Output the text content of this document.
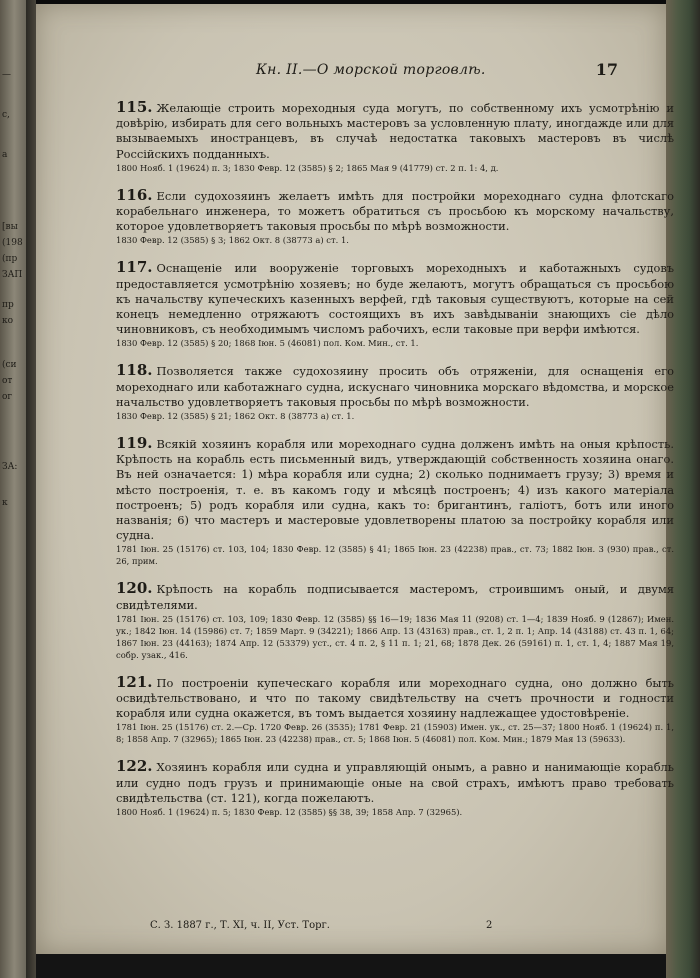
—
с,
а
[вы
(198
(пр
ЗАП
пр
ко
(си
от
ог
ЗА:
к
Кн. II.—О морской торговлѣ.	17
115. Желающіе строить мореходныя суда могутъ, по собственному ихъ усмотрѣнію и довѣрію, избирать для сего вольныхъ мастеровъ за условленную плату, иногдажде или для вызываемыхъ иностранцевъ, въ случаѣ недостатка таковыхъ мастеровъ въ числѣ Россійскихъ подданныхъ.
1800 Нояб. 1 (19624) п. 3; 1830 Февр. 12 (3585) § 2; 1865 Мая 9 (41779) ст. 2 п. 1: 4, д.
116. Если судохозяинъ желаетъ имѣть для постройки мореходнаго судна флотскаго корабельнаго инженера, то можетъ обратиться съ просьбою къ морскому начальству, которое удовлетворяетъ таковыя просьбы по мѣрѣ возможности.
1830 Февр. 12 (3585) § 3; 1862 Окт. 8 (38773 а) ст. 1.
117. Оснащеніе или вооруженіе торговыхъ мореходныхъ и каботажныхъ судовъ предоставляется усмотрѣнію хозяевъ; но буде желаютъ, могутъ обращаться съ просьбою къ начальству купеческихъ казенныхъ верфей, гдѣ таковыя существуютъ, которые на сей конецъ немедленно отряжаютъ состоящихъ въ ихъ завѣдываніи знающихъ сіе дѣло чиновниковъ, съ необходимымъ числомъ рабочихъ, если таковые при верфи имѣются.
1830 Февр. 12 (3585) § 20; 1868 Іюн. 5 (46081) пол. Ком. Мин., ст. 1.
118. Позволяется также судохозяину просить объ отряженіи, для оснащенія его мореходнаго или каботажнаго судна, искуснаго чиновника морскаго вѣдомства, и морское начальство удовлетворяетъ таковыя просьбы по мѣрѣ возможности.
1830 Февр. 12 (3585) § 21; 1862 Окт. 8 (38773 а) ст. 1.
119. Всякій хозяинъ корабля или мореходнаго судна долженъ имѣть на оныя крѣпость. Крѣпость на корабль есть письменный видъ, утверждающій собственность хозяина онаго. Въ ней означается: 1) мѣра корабля или судна; 2) сколько поднимаетъ грузу; 3) время и мѣсто построенія, т. е. въ какомъ году и мѣсяцѣ построенъ; 4) изъ какого матеріала построенъ; 5) родъ корабля или судна, какъ то: бригантинъ, галіотъ, ботъ или иного названія; 6) что мастеръ и мастеровые удовлетворены платою за постройку корабля или судна.
1781 Іюн. 25 (15176) ст. 103, 104; 1830 Февр. 12 (3585) § 41; 1865 Іюн. 23 (42238) прав., ст. 73; 1882 Іюн. 3 (930) прав., ст. 26, прим.
120. Крѣпость на корабль подписывается мастеромъ, строившимъ оный, и двумя свидѣтелями.
1781 Іюн. 25 (15176) ст. 103, 109; 1830 Февр. 12 (3585) §§ 16—19; 1836 Мая 11 (9208) ст. 1—4; 1839 Нояб. 9 (12867); Имен. ук.; 1842 Іюн. 14 (15986) ст. 7; 1859 Март. 9 (34221); 1866 Апр. 13 (43163) прав., ст. 1, 2 п. 1; Апр. 14 (43188) ст. 43 п. 1, 64; 1867 Іюн. 23 (44163); 1874 Апр. 12 (53379) уст., ст. 4 п. 2, § 11 п. 1; 21, 68; 1878 Дек. 26 (59161) п. 1, ст. 1, 4; 1887 Мая 19, собр. узак., 416.
121. По построеніи купеческаго корабля или мореходнаго судна, оно должно быть освидѣтельствовано, и что по такому свидѣтельству на счетъ прочности и годности корабля или судна окажется, въ томъ выдается хозяину надлежащее удостовѣреніе.
1781 Іюн. 25 (15176) ст. 2.—Ср. 1720 Февр. 26 (3535); 1781 Февр. 21 (15903) Имен. ук., ст. 25—37; 1800 Нояб. 1 (19624) п. 1, 8; 1858 Апр. 7 (32965); 1865 Іюн. 23 (42238) прав., ст. 5; 1868 Іюн. 5 (46081) пол. Ком. Мин.; 1879 Мая 13 (59633).
122. Хозяинъ корабля или судна и управляющій онымъ, а равно и нанимающіе корабль или судно подъ грузъ и принимающіе оные на свой страхъ, имѣютъ право требовать свидѣтельства (ст. 121), когда пожелаютъ.
1800 Нояб. 1 (19624) п. 5; 1830 Февр. 12 (3585) §§ 38, 39; 1858 Апр. 7 (32965).
С. З. 1887 г., Т. XI, ч. II, Уст. Торг.	2
